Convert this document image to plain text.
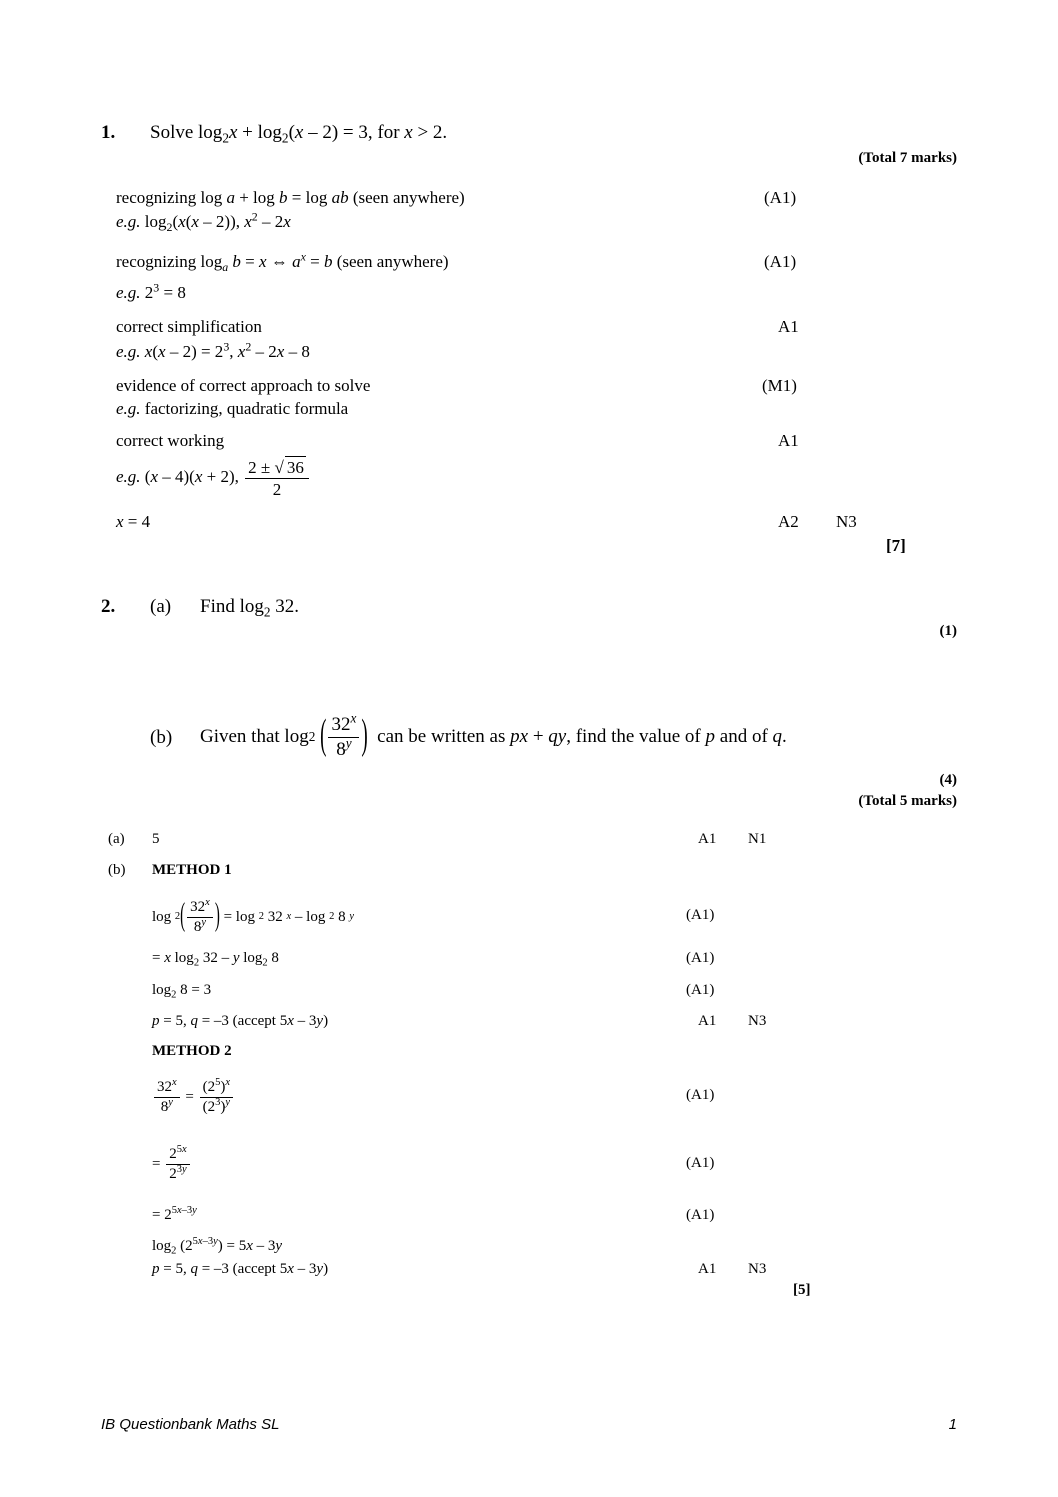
1. Solve $\log_2x + \log_2(x - 2) = 3$, for x > 2.
(Total 7 marks)
recognizing log a + log b = log ab (seen anywhere)	(A1)
e.g. $\log_2(x(x - 2))$, $x^2 - 2x$
recognizing $\log_a b = x$ ⇔ $a^x = b$ (seen anywhere)	(A1)
e.g. $2^3 = 8$
correct simplification	A1
e.g. $x(x - 2) = 2^3$, $x^2 - 2x - 8$
evidence of correct approach to solve	(M1)
e.g. factorizing, quadratic formula
correct working	A1
e.g. (x – 4)(x + 2), $\frac{2 \pm √ 36}{2}$
x = 4	A2 N3
[7]
2. (a) Find $\log_2 32$.
(1)
(b) Given that log 2
( $\frac{32^x}{8^y}$ ) can be written as px + qy , find the value of p and of q .
(4)
(Total 5 marks)
(a) 5	A1 N1
(b) METHOD 1
log 2 ( $\frac{32^x}{8^y}$ ) = log 2 32 x – log 2 8 y	(A1)
= x $\log_2 32$ – y $\log_2 8$	(A1)
$\log_2 8 = 3$	(A1)
p = 5, q = –3 (accept 5x – 3y)	A1 N3
METHOD 2
$\frac{32^x}{8^y} = \frac{(2^5)^x}{(2^3)^y}$	(A1)
= $\frac{2^{5x}}{2^{3y}}$	(A1)
= $2^{5x-3y}$	(A1)
$\log_2 (2^{5x-3y}) = 5x - 3y$
p = 5, q = –3 (accept 5x – 3y)	A1 N3
[5]
IB Questionbank Maths SL	1
